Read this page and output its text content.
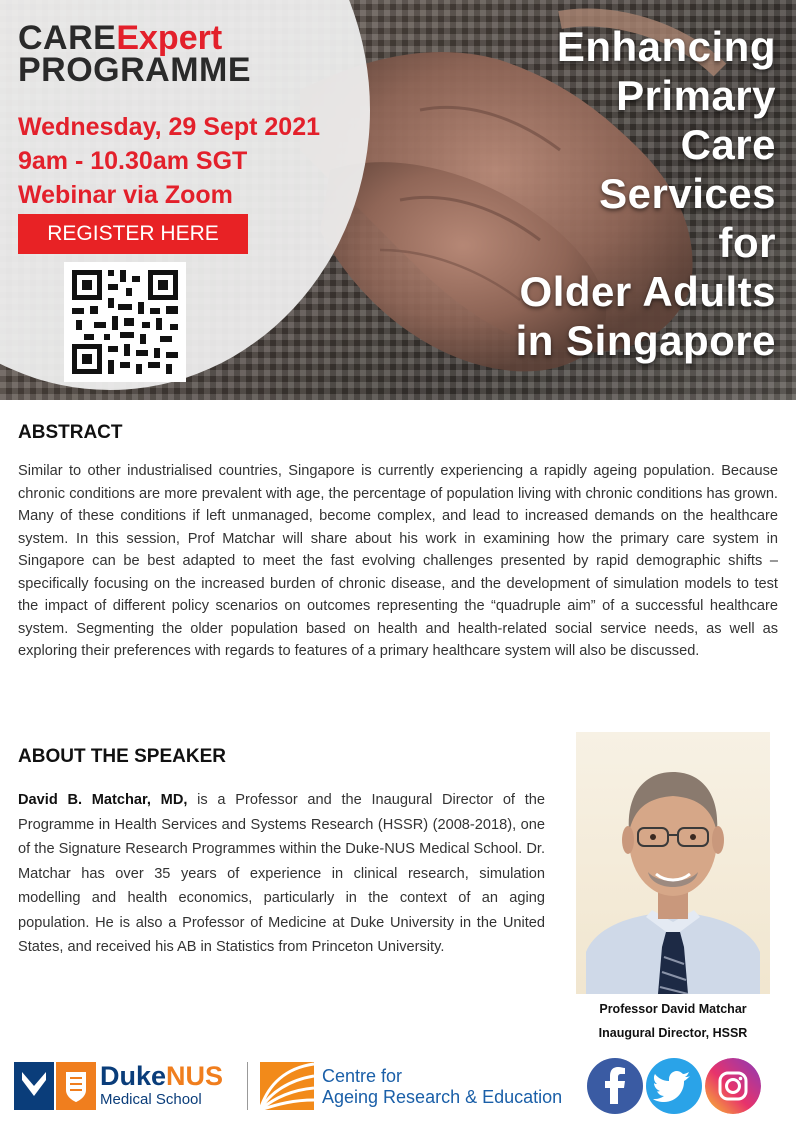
CAREExpert
PROGRAMME
Wednesday, 29 Sept 2021
9am - 10.30am SGT
Webinar via Zoom
REGISTER HERE
Enhancing
Primary
Care
Services
for
Older Adults
in Singapore
ABSTRACT

Similar to other industrialised countries, Singapore is currently experiencing a rapidly ageing population. Because chronic conditions are more prevalent with age, the percentage of population living with chronic conditions has grown. Many of these conditions if left unmanaged, become complex, and lead to increased demands on the healthcare system. In this session, Prof Matchar will share about his work in examining how the primary care system in Singapore can be best adapted to meet the fast evolving challenges presented by rapid demographic shifts – specifically focusing on the increased burden of chronic disease, and the development of simulation models to test the impact of different policy scenarios on outcomes representing the “quadruple aim” of a successful healthcare system. Segmenting the older population based on health and health-related social service needs, as well as exploring their preferences with regards to features of a primary healthcare system will also be discussed.

ABOUT THE SPEAKER

David B. Matchar, MD, is a Professor and the Inaugural Director of the Programme in Health Services and Systems Research (HSSR) (2008-2018), one of the Signature Research Programmes within the Duke-NUS Medical School. Dr. Matchar has over 35 years of experience in clinical research, simulation modelling and health economics, particularly in the context of an aging population. He is also a Professor of Medicine at Duke University in the United States, and received his AB in Statistics from Princeton University.

Professor David Matchar
Inaugural Director, HSSR
DukeNUS
Medical School
Centre for
Ageing Research & Education
